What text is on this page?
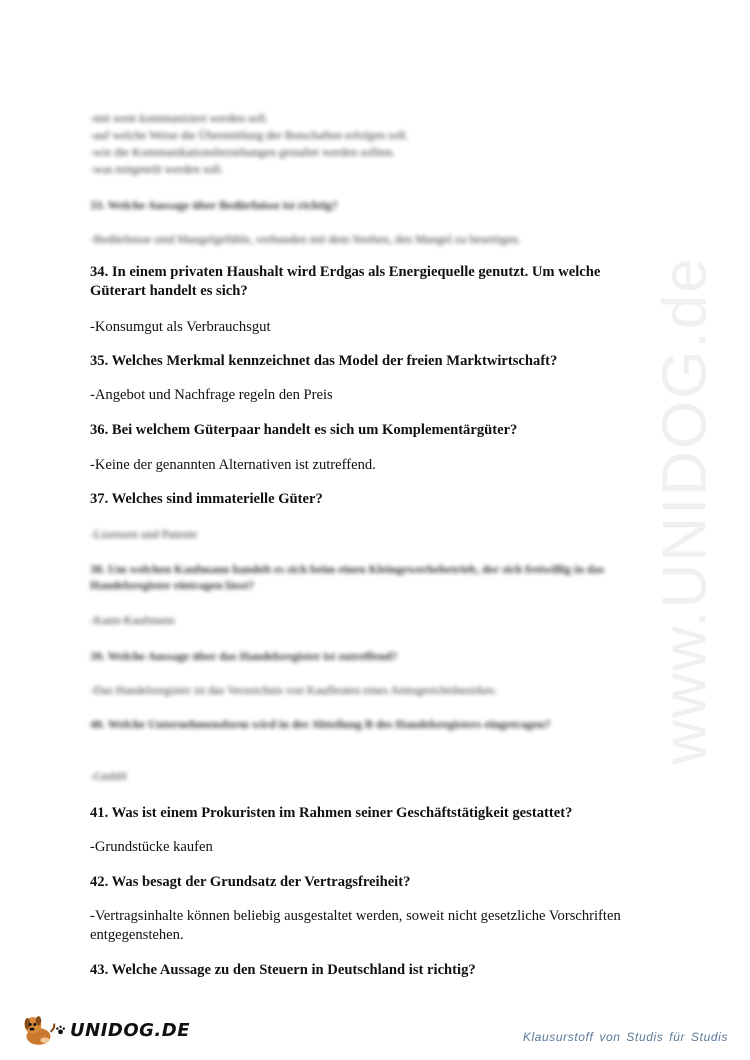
-mit wem kommuniziert werden soll.
-auf welche Weise die Übermittlung der Botschaften erfolgen soll.
-wie die Kommunikationsbeziehungen gestaltet werden sollten.
-was mitgeteilt werden soll.
33. Welche Aussage über Bedürfnisse ist richtig?
-Bedürfnisse sind Mangelgefühle, verbunden mit dem Streben, den Mangel zu beseitigen.
34. In einem privaten Haushalt wird Erdgas als Energiequelle genutzt. Um welche Güterart handelt es sich?
-Konsumgut als Verbrauchsgut
35. Welches Merkmal kennzeichnet das Model der freien Marktwirtschaft?
-Angebot und Nachfrage regeln den Preis
36. Bei welchem Güterpaar handelt es sich um Komplementärgüter?
-Keine der genannten Alternativen ist zutreffend.
37. Welches sind immaterielle Güter?
-Lizenzen und Patente
38. Um welchen Kaufmann handelt es sich beim einen Kleingewerbebetrieb, der sich freiwillig in das Handelsregister eintragen lässt?
-Kann-Kaufmann
39. Welche Aussage über das Handelsregister ist zutreffend?
-Das Handelsregister ist das Verzeichnis von Kaufleuten eines Amtsgerichtsbezirkes.
40. Welche Unternehmensform wird in der Abteilung B des Handelsregisters eingetragen?
-GmbH
41. Was ist einem Prokuristen im Rahmen seiner Geschäftstätigkeit gestattet?
-Grundstücke kaufen
42. Was besagt der Grundsatz der Vertragsfreiheit?
-Vertragsinhalte können beliebig ausgestaltet werden, soweit nicht gesetzliche Vorschriften entgegenstehen.
43. Welche Aussage zu den Steuern in Deutschland ist richtig?
www.UNIDOG.de
UNIDOG.DE	Klausurstoff von Studis für Studis
